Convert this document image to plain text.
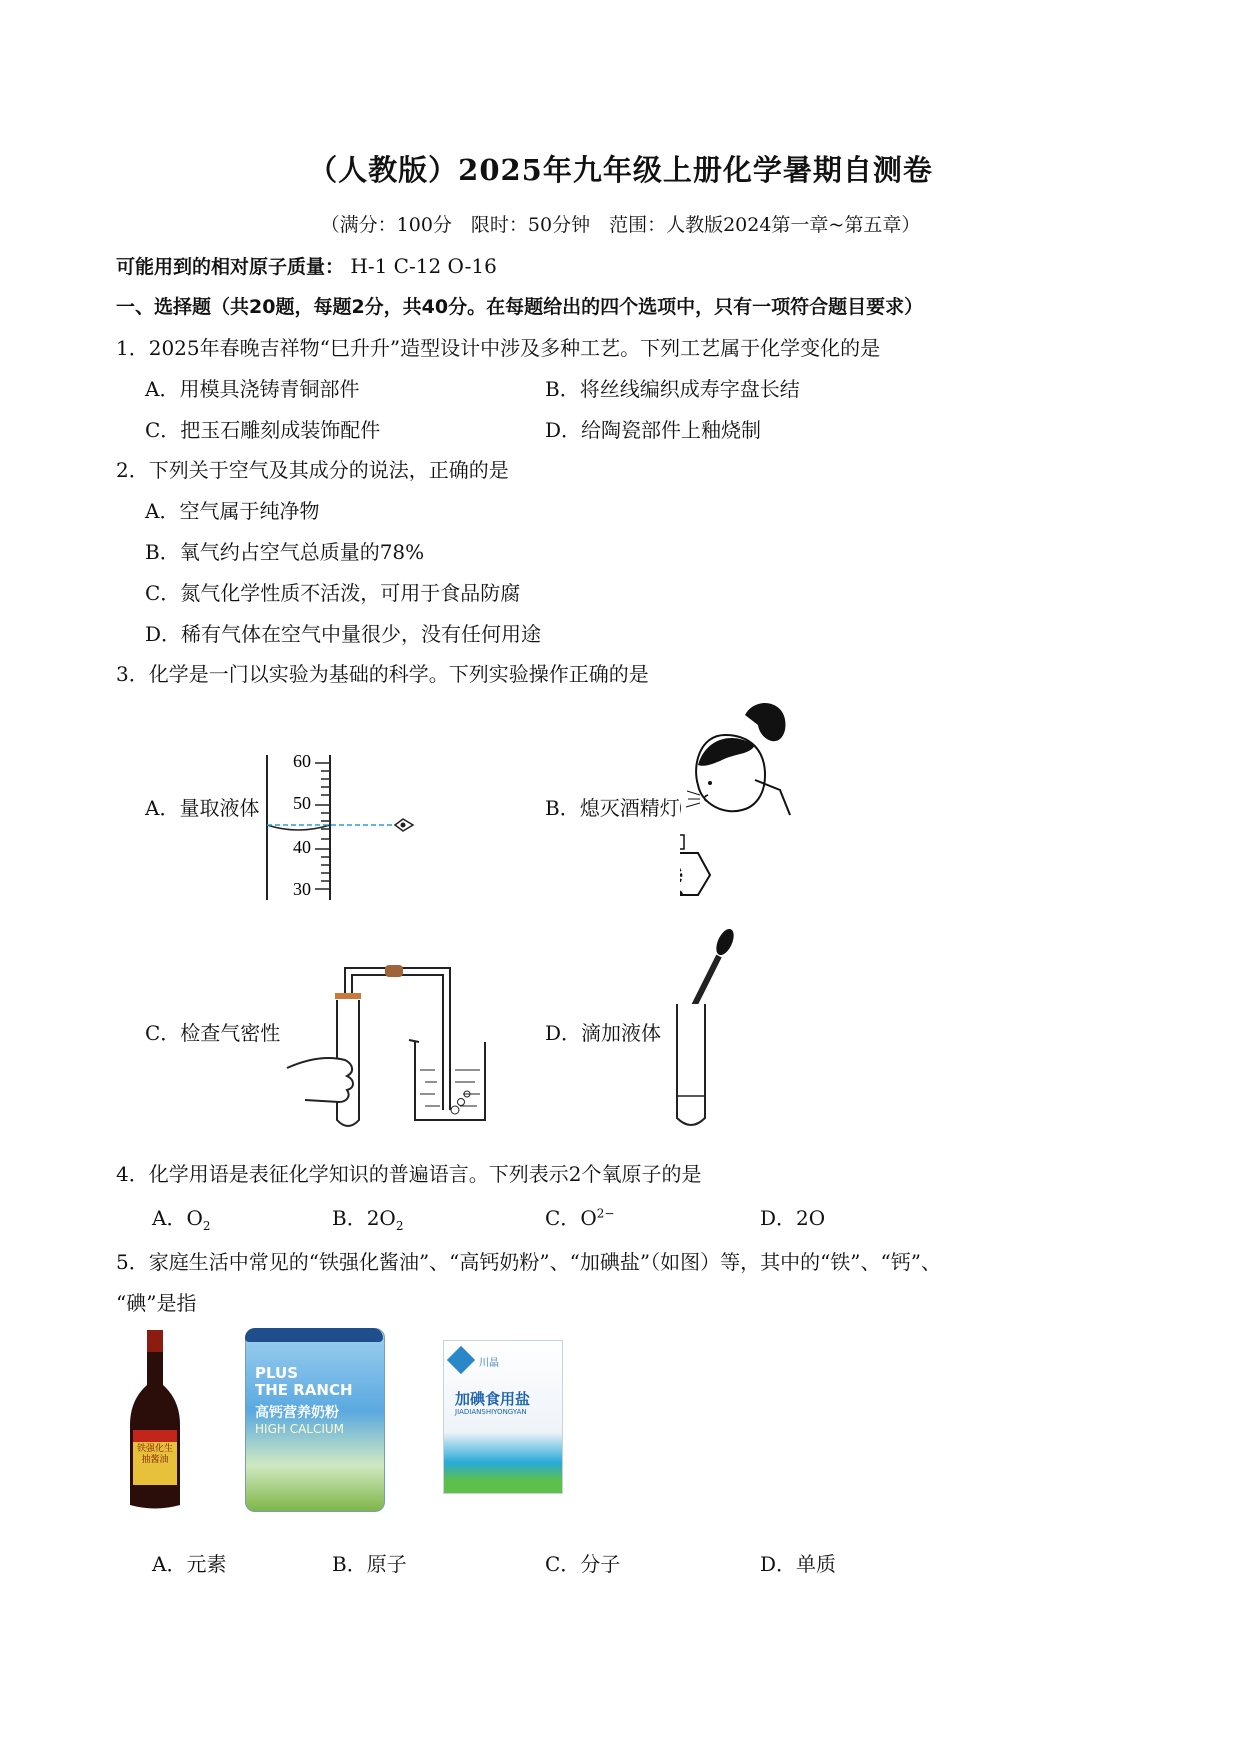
（人教版）2025年九年级上册化学暑期自测卷
（满分：100分　限时：50分钟　范围：人教版2024第一章~第五章）
可能用到的相对原子质量： H-1 C-12 O-16
一、选择题（共20题，每题2分，共40分。在每题给出的四个选项中，只有一项符合题目要求）
1．2025年春晚吉祥物“巳升升”造型设计中涉及多种工艺。下列工艺属于化学变化的是
A．用模具浇铸青铜部件	B．将丝线编织成寿字盘长结
C．把玉石雕刻成装饰配件	D．给陶瓷部件上釉烧制
2．下列关于空气及其成分的说法，正确的是
A．空气属于纯净物
B．氧气约占空气总质量的78%
C．氮气化学性质不活泼，可用于食品防腐
D．稀有气体在空气中量很少，没有任何用途
3．化学是一门以实验为基础的科学。下列实验操作正确的是
A．量取液体	B．熄灭酒精灯
C．检查气密性	D．滴加液体
60
50
40
30
4．化学用语是表征化学知识的普遍语言。下列表示2个氧原子的是
A．$O_2$	B．$2O_2$	C．$O^{2-}$	D．2O
5．家庭生活中常见的“铁强化酱油”、“高钙奶粉”、“加碘盐”（如图）等，其中的“铁”、“钙”、
“碘”是指
铁强化生抽酱油
PLUS
THE RANCH
高钙营养奶粉
HIGH CALCIUM
川晶
加碘食用盐
JIADIANSHIYONGYAN
A．元素	B．原子	C．分子	D．单质
